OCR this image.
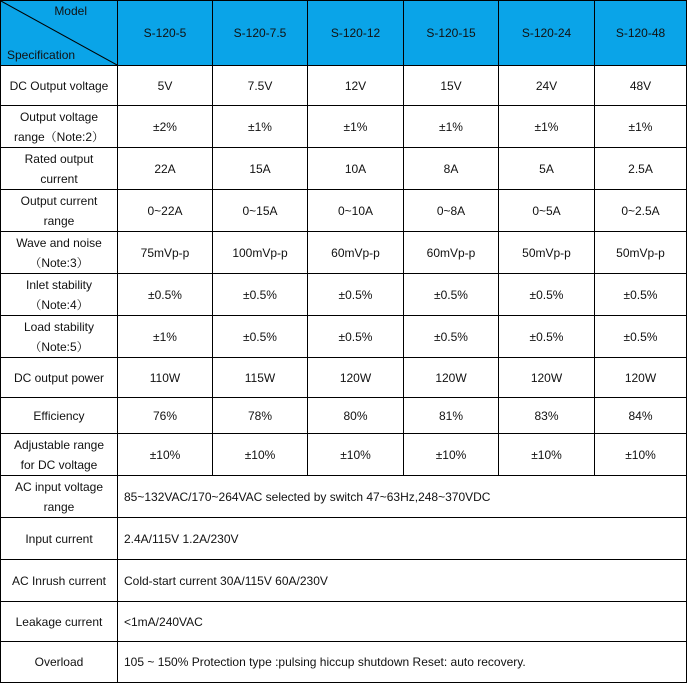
Model
Specification	S-120-5	S-120-7.5	S-120-12	S-120-15	S-120-24	S-120-48
DC Output voltage	5V	7.5V	12V	15V	24V	48V
Output voltage
range（Note:2）	±2%	±1%	±1%	±1%	±1%	±1%
Rated output
current	22A	15A	10A	8A	5A	2.5A
Output current
range	0~22A	0~15A	0~10A	0~8A	0~5A	0~2.5A
Wave and noise
（Note:3）	75mVp-p	100mVp-p	60mVp-p	60mVp-p	50mVp-p	50mVp-p
Inlet stability
（Note:4）	±0.5%	±0.5%	±0.5%	±0.5%	±0.5%	±0.5%
Load stability
（Note:5）	±1%	±0.5%	±0.5%	±0.5%	±0.5%	±0.5%
DC output power	110W	115W	120W	120W	120W	120W
Efficiency	76%	78%	80%	81%	83%	84%
Adjustable range
for DC voltage	±10%	±10%	±10%	±10%	±10%	±10%
AC input voltage
range	85~132VAC/170~264VAC selected by switch 47~63Hz,248~370VDC					
Input current	2.4A/115V 1.2A/230V					
AC Inrush current	Cold-start current 30A/115V 60A/230V					
Leakage current	<1mA/240VAC					
Overload	105 ~ 150% Protection type :pulsing hiccup shutdown Reset: auto recovery.					
